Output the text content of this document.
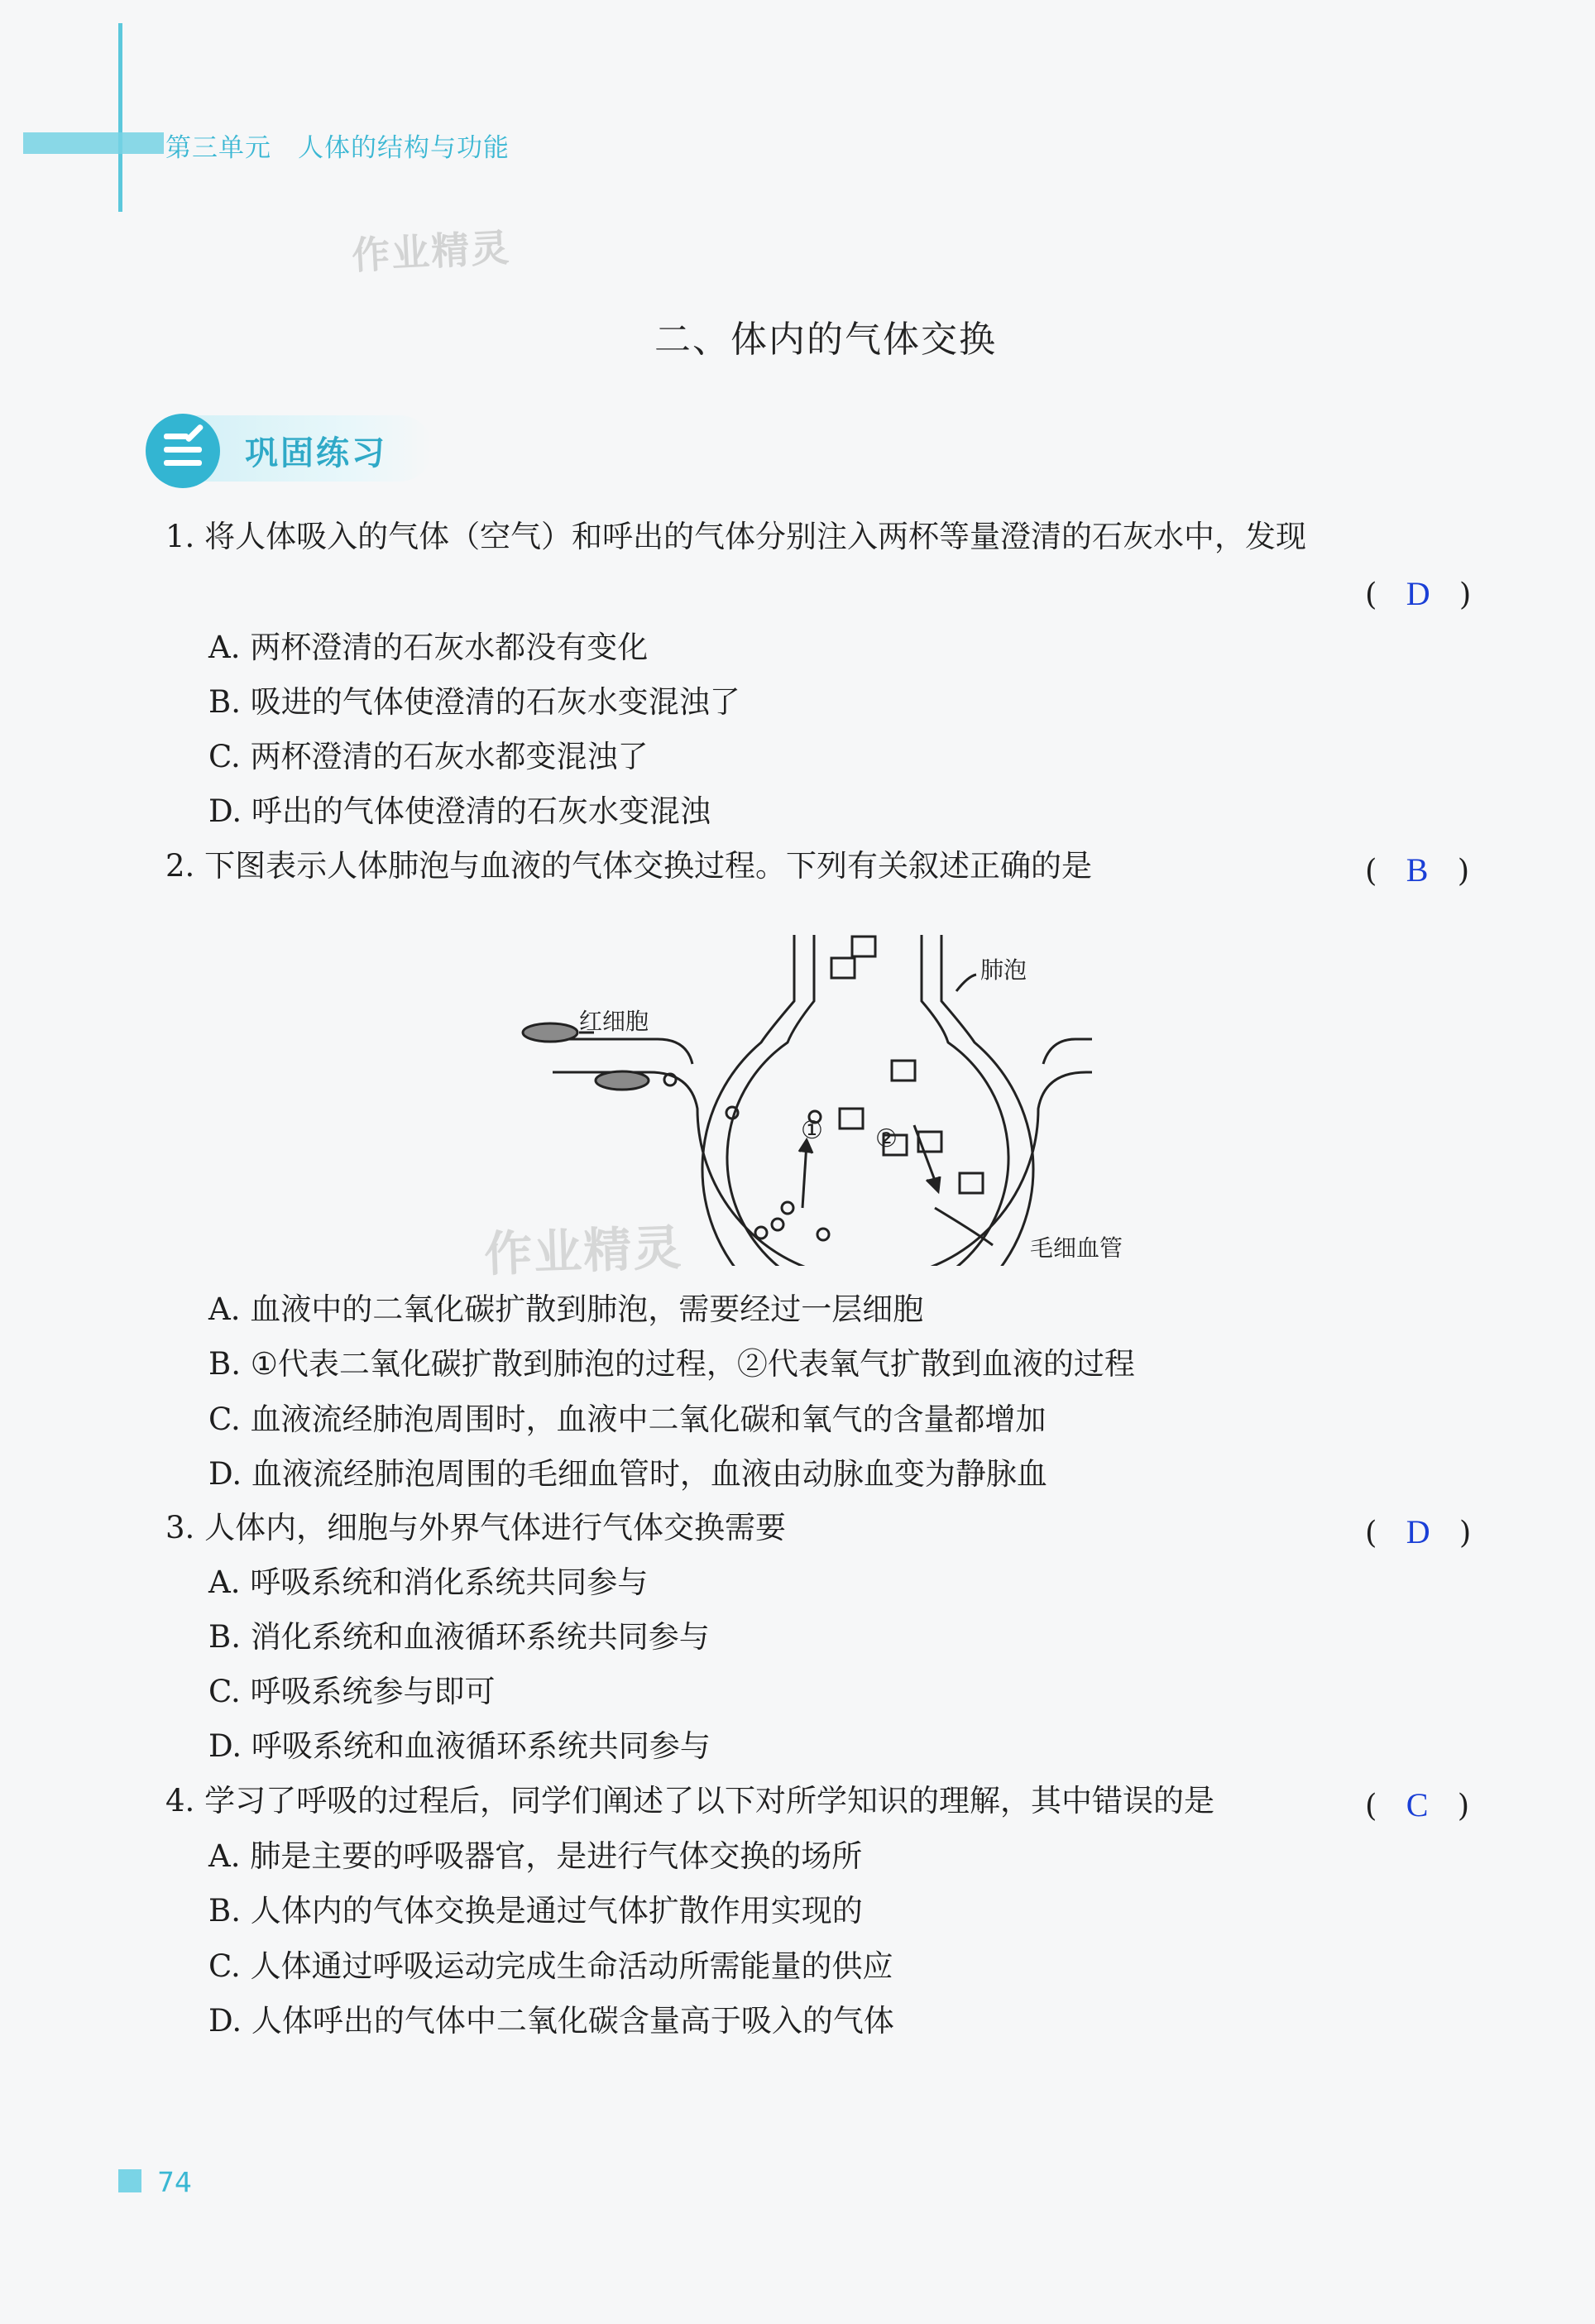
第三单元　 人体的结构与功能
作业精灵
二、体内的气体交换
巩固练习
1. 将人体吸入的气体（空气）和呼出的气体分别注入两杯等量澄清的石灰水中，发现
( D )
A. 两杯澄清的石灰水都没有变化
B. 吸进的气体使澄清的石灰水变混浊了
C. 两杯澄清的石灰水都变混浊了
D. 呼出的气体使澄清的石灰水变混浊
2. 下图表示人体肺泡与血液的气体交换过程。下列有关叙述正确的是	( B )
① ②
红细胞
肺泡
毛细血管
作业精灵
A. 血液中的二氧化碳扩散到肺泡，需要经过一层细胞
B. ①代表二氧化碳扩散到肺泡的过程，②代表氧气扩散到血液的过程
C. 血液流经肺泡周围时，血液中二氧化碳和氧气的含量都增加
D. 血液流经肺泡周围的毛细血管时，血液由动脉血变为静脉血
3. 人体内，细胞与外界气体进行气体交换需要	( D )
A. 呼吸系统和消化系统共同参与
B. 消化系统和血液循环系统共同参与
C. 呼吸系统参与即可
D. 呼吸系统和血液循环系统共同参与
4. 学习了呼吸的过程后，同学们阐述了以下对所学知识的理解，其中错误的是	( C )
A. 肺是主要的呼吸器官，是进行气体交换的场所
B. 人体内的气体交换是通过气体扩散作用实现的
C. 人体通过呼吸运动完成生命活动所需能量的供应
D. 人体呼出的气体中二氧化碳含量高于吸入的气体
74
